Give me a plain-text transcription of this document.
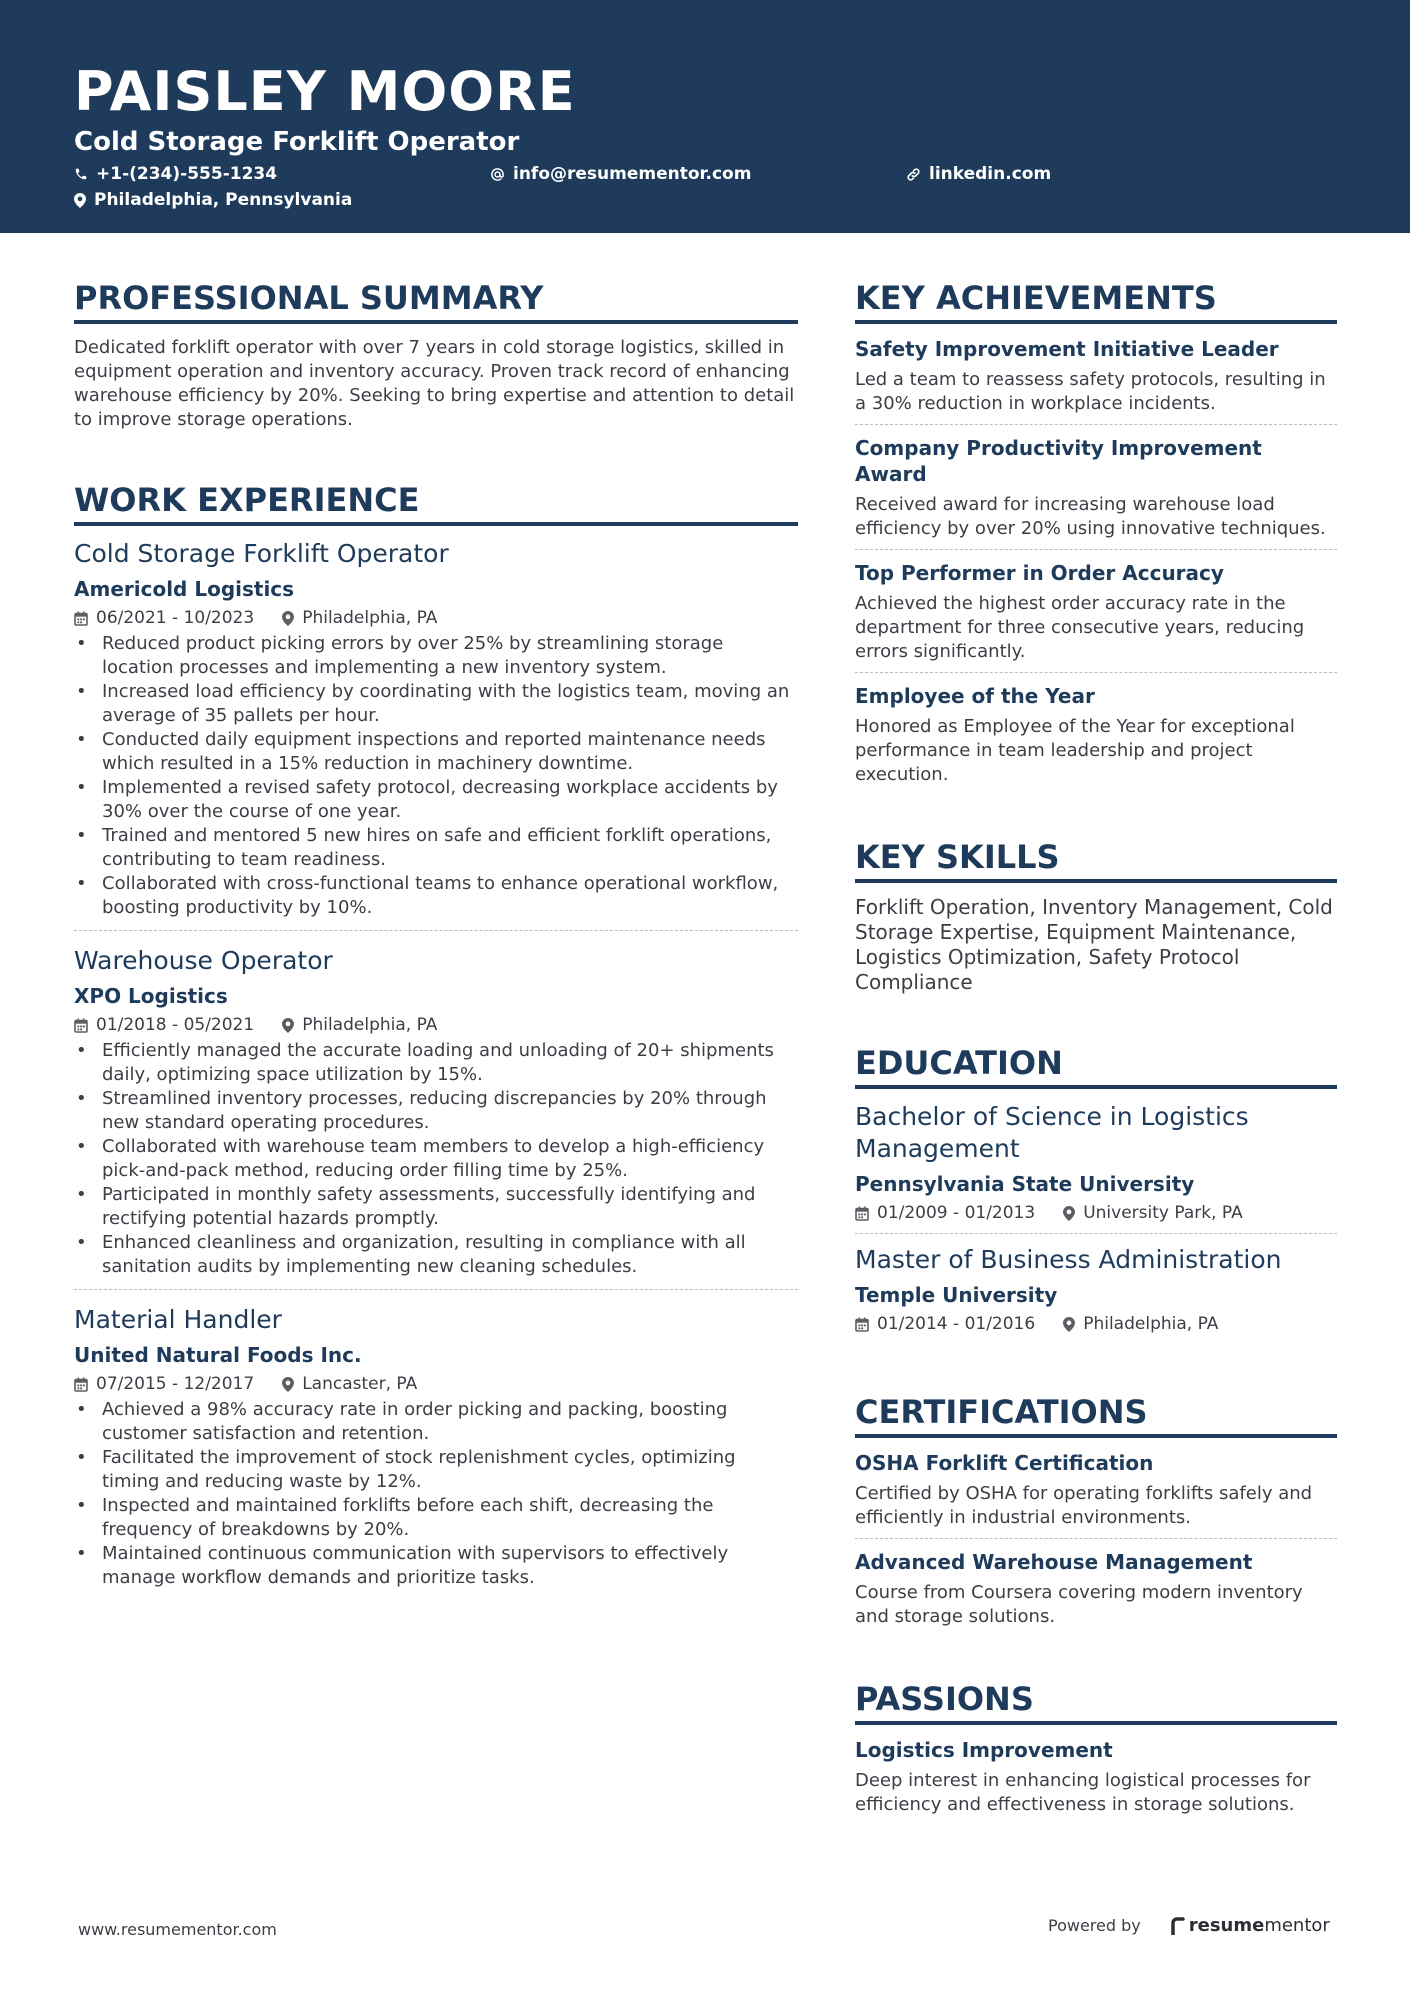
PAISLEY MOORE
Cold Storage Forklift Operator
+1-(234)-555-1234	info@resumementor.com	linkedin.com
Philadelphia, Pennsylvania
PROFESSIONAL SUMMARY
Dedicated forklift operator with over 7 years in cold storage logistics, skilled in equipment operation and inventory accuracy. Proven track record of enhancing warehouse efficiency by 20%. Seeking to bring expertise and attention to detail to improve storage operations.
WORK EXPERIENCE
Cold Storage Forklift Operator
Americold Logistics
06/2021 - 10/2023	Philadelphia, PA
• Reduced product picking errors by over 25% by streamlining storage location processes and implementing a new inventory system.
• Increased load efficiency by coordinating with the logistics team, moving an average of 35 pallets per hour.
• Conducted daily equipment inspections and reported maintenance needs which resulted in a 15% reduction in machinery downtime.
• Implemented a revised safety protocol, decreasing workplace accidents by 30% over the course of one year.
• Trained and mentored 5 new hires on safe and efficient forklift operations, contributing to team readiness.
• Collaborated with cross-functional teams to enhance operational workflow, boosting productivity by 10%.
Warehouse Operator
XPO Logistics
01/2018 - 05/2021	Philadelphia, PA
• Efficiently managed the accurate loading and unloading of 20+ shipments daily, optimizing space utilization by 15%.
• Streamlined inventory processes, reducing discrepancies by 20% through new standard operating procedures.
• Collaborated with warehouse team members to develop a high-efficiency pick-and-pack method, reducing order filling time by 25%.
• Participated in monthly safety assessments, successfully identifying and rectifying potential hazards promptly.
• Enhanced cleanliness and organization, resulting in compliance with all sanitation audits by implementing new cleaning schedules.
Material Handler
United Natural Foods Inc.
07/2015 - 12/2017	Lancaster, PA
• Achieved a 98% accuracy rate in order picking and packing, boosting customer satisfaction and retention.
• Facilitated the improvement of stock replenishment cycles, optimizing timing and reducing waste by 12%.
• Inspected and maintained forklifts before each shift, decreasing the frequency of breakdowns by 20%.
• Maintained continuous communication with supervisors to effectively manage workflow demands and prioritize tasks.
KEY ACHIEVEMENTS
Safety Improvement Initiative Leader
Led a team to reassess safety protocols, resulting in a 30% reduction in workplace incidents.
Company Productivity Improvement Award
Received award for increasing warehouse load efficiency by over 20% using innovative techniques.
Top Performer in Order Accuracy
Achieved the highest order accuracy rate in the department for three consecutive years, reducing errors significantly.
Employee of the Year
Honored as Employee of the Year for exceptional performance in team leadership and project execution.
KEY SKILLS
Forklift Operation, Inventory Management, Cold Storage Expertise, Equipment Maintenance, Logistics Optimization, Safety Protocol Compliance
EDUCATION
Bachelor of Science in Logistics Management
Pennsylvania State University
01/2009 - 01/2013	University Park, PA
Master of Business Administration
Temple University
01/2014 - 01/2016	Philadelphia, PA
CERTIFICATIONS
OSHA Forklift Certification
Certified by OSHA for operating forklifts safely and efficiently in industrial environments.
Advanced Warehouse Management
Course from Coursera covering modern inventory and storage solutions.
PASSIONS
Logistics Improvement
Deep interest in enhancing logistical processes for efficiency and effectiveness in storage solutions.
www.resumementor.com	Powered by	resume mentor
